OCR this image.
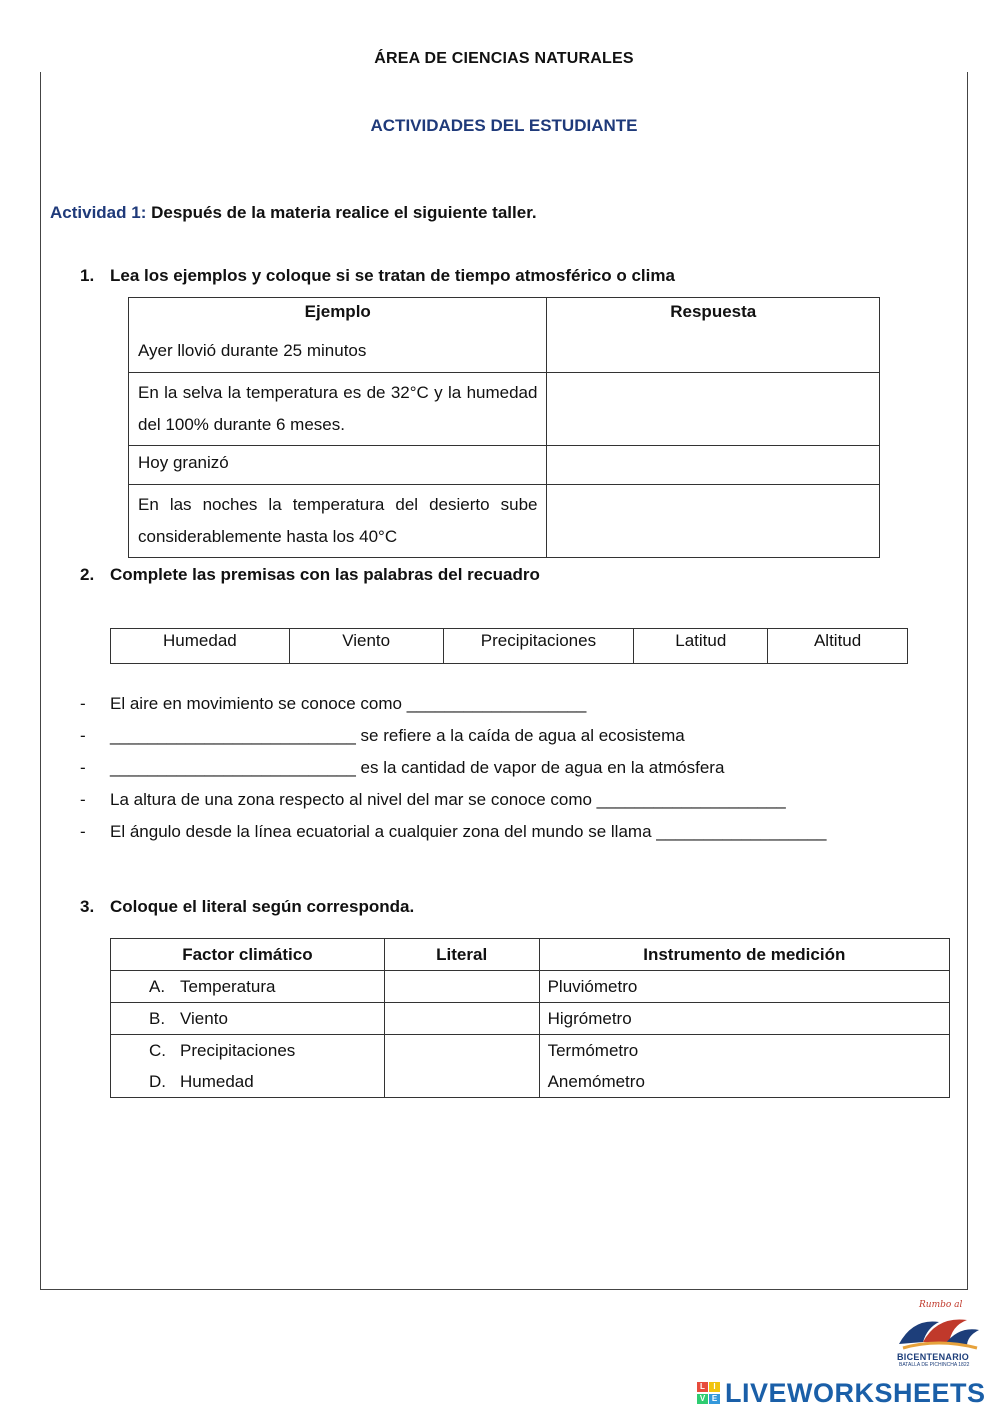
ÁREA DE CIENCIAS NATURALES
ACTIVIDADES DEL ESTUDIANTE
Actividad 1: Después de la materia realice el siguiente taller.
1. Lea los ejemplos y coloque si se tratan de tiempo atmosférico o clima
Ejemplo	Respuesta
Ayer llovió durante 25 minutos	
En la selva la temperatura es de 32°C y la humedad del 100% durante 6 meses.	
Hoy granizó	
En las noches la temperatura del desierto sube considerablemente hasta los 40°C	
2. Complete las premisas con las palabras del recuadro
Humedad	Viento	Precipitaciones	Latitud	Altitud
- El aire en movimiento se conoce como ___________________
- __________________________ se refiere a la caída de agua al ecosistema
- __________________________ es la cantidad de vapor de agua en la atmósfera
- La altura de una zona respecto al nivel del mar se conoce como ____________________
- El ángulo desde la línea ecuatorial a cualquier zona del mundo se llama __________________
3. Coloque el literal según corresponda.
Factor climático	Literal	Instrumento de medición
A. Temperatura		Pluviómetro
B. Viento		Higrómetro
C. Precipitaciones		Termómetro
D. Humedad		Anemómetro
Rumbo al
BICENTENARIO
BATALLA DE PICHINCHA 1822
L	I
V E LIVEWORKSHEETS
